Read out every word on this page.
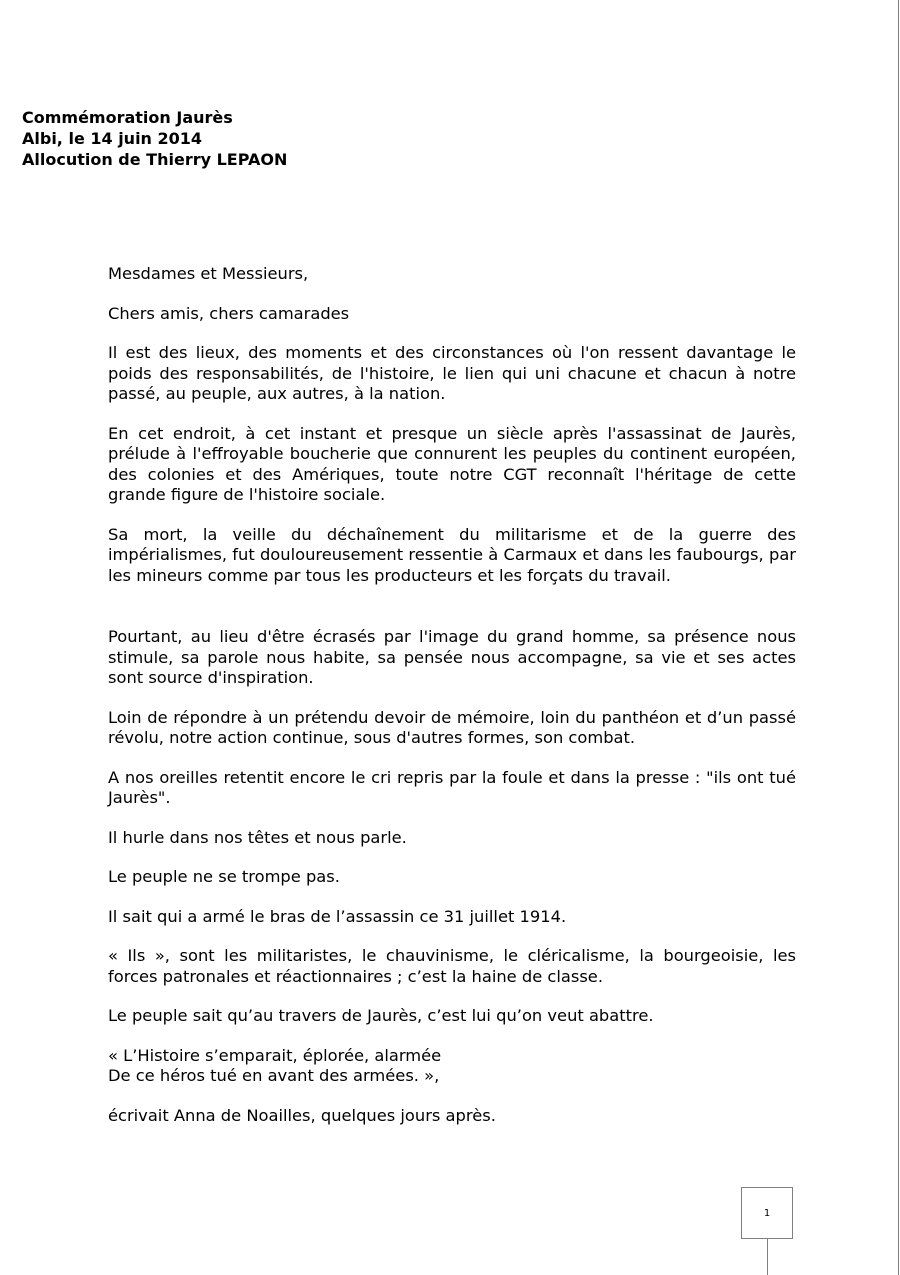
Commémoration Jaurès
Albi, le 14 juin 2014
Allocution de Thierry LEPAON

Mesdames et Messieurs,

Chers amis, chers camarades

Il est des lieux, des moments et des circonstances où l'on ressent davantage le poids des responsabilités, de l'histoire, le lien qui uni chacune et chacun à notre passé, au peuple, aux autres, à la nation.

En cet endroit, à cet instant et presque un siècle après l'assassinat de Jaurès, prélude à l'effroyable boucherie que connurent les peuples du continent européen, des colonies et des Amériques, toute notre CGT reconnaît l'héritage de cette grande figure de l'histoire sociale.

Sa mort, la veille du déchaînement du militarisme et de la guerre des impérialismes, fut douloureusement ressentie à Carmaux et dans les faubourgs, par les mineurs comme par tous les producteurs et les forçats du travail.

Pourtant, au lieu d'être écrasés par l'image du grand homme, sa présence nous stimule, sa parole nous habite, sa pensée nous accompagne, sa vie et ses actes sont source d'inspiration.

Loin de répondre à un prétendu devoir de mémoire, loin du panthéon et d’un passé révolu, notre action continue, sous d'autres formes, son combat.

A nos oreilles retentit encore le cri repris par la foule et dans la presse : "ils ont tué Jaurès".

Il hurle dans nos têtes et nous parle.

Le peuple ne se trompe pas.

Il sait qui a armé le bras de l’assassin ce 31 juillet 1914.

« Ils », sont les militaristes, le chauvinisme, le cléricalisme, la bourgeoisie, les forces patronales et réactionnaires ; c’est la haine de classe.

Le peuple sait qu’au travers de Jaurès, c’est lui qu’on veut abattre.

« L’Histoire s’emparait, éplorée, alarmée
De ce héros tué en avant des armées. »,

écrivait Anna de Noailles, quelques jours après.

1
